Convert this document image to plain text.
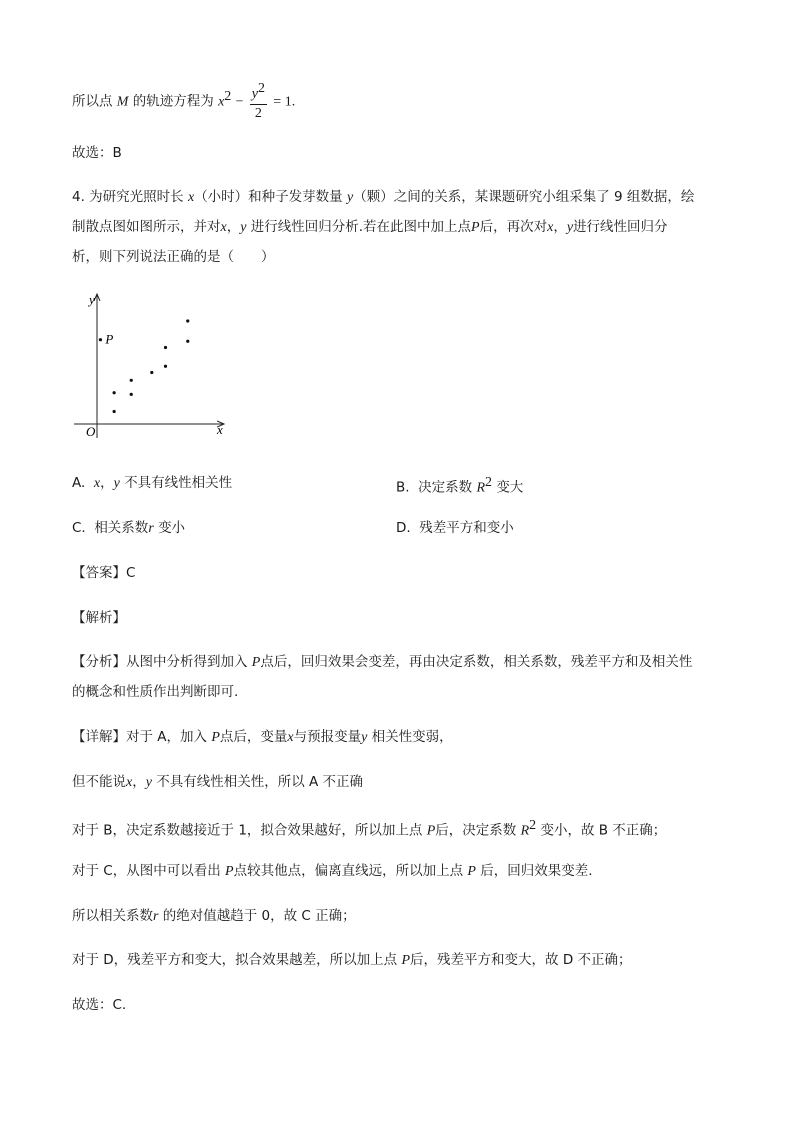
所以点 M 的轨迹方程为 $x^2 - \frac{y^2}{2} = 1$.
故选：B
4. 为研究光照时长 x（小时）和种子发芽数量 y（颗）之间的关系，某课题研究小组采集了 9 组数据，绘
制散点图如图所示，并对x，y 进行线性回归分析.若在此图中加上点P后，再次对x，y进行线性回归分
析，则下列说法正确的是（　　）
y
x
O
P
A. x，y 不具有线性相关性	B. 决定系数 $R^2$ 变大
C. 相关系数r 变小	D. 残差平方和变小
【答案】C
【解析】
【分析】从图中分析得到加入 P点后，回归效果会变差，再由决定系数，相关系数，残差平方和及相关性
的概念和性质作出判断即可.
【详解】对于 A，加入 P点后，变量x与预报变量y 相关性变弱，
但不能说x，y 不具有线性相关性，所以 A 不正确
对于 B，决定系数越接近于 1，拟合效果越好，所以加上点 P后，决定系数 $R^2$ 变小，故 B 不正确；
对于 C，从图中可以看出 P点较其他点，偏离直线远，所以加上点 P 后，回归效果变差.
所以相关系数r 的绝对值越趋于 0，故 C 正确；
对于 D，残差平方和变大，拟合效果越差，所以加上点 P后，残差平方和变大，故 D 不正确；
故选：C.
